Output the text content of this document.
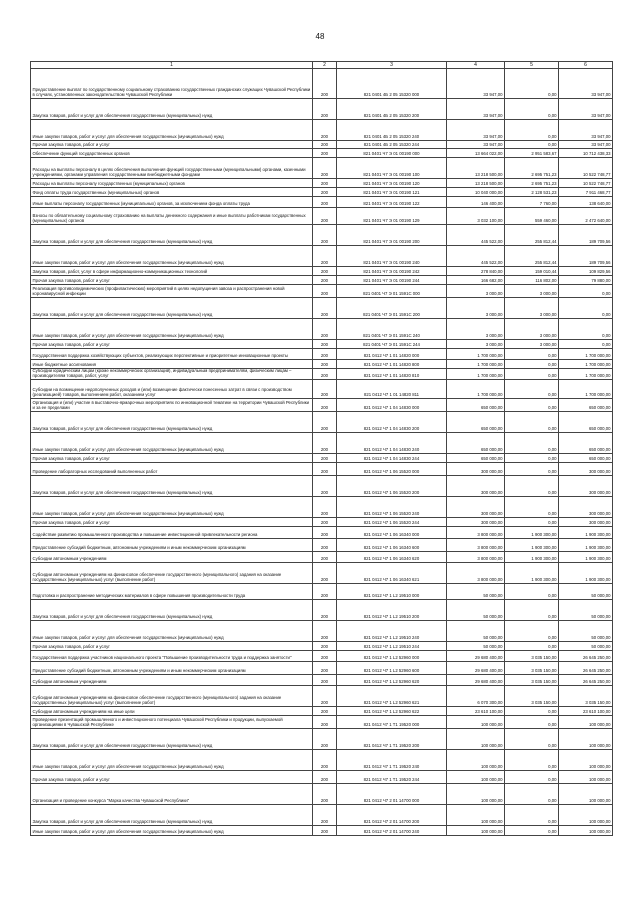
48
1	2	3	4	5	6
Предоставление выплат по государственному социальному страхованию государственных гражданских служащих Чувашской Республики в случаях, установленных законодательством Чувашской Республики	200	821 0401 4Б 2 05 15320 000	33 947,00	0,00	33 947,00
Закупка товаров, работ и услуг для обеспечения государственных (муниципальных) нужд	200	821 0401 4Б 2 05 15320 200	33 947,00	0,00	33 947,00
Иные закупки товаров, работ и услуг для обеспечения государственных (муниципальных) нужд	200	821 0401 4Б 2 05 15320 240	33 947,00	0,00	33 947,00
Прочая закупка товаров, работ и услуг	200	821 0401 4Б 2 05 15320 244	33 947,00	0,00	33 947,00
Обеспечение функций государственных органов	200	821 0401 Ч7 Э 01 00190 000	13 664 022,00	2 951 583,67	10 712 438,33
Расходы на выплаты персоналу в целях обеспечения выполнения функций государственными (муниципальными) органами, казенными учреждениями, органами управления государственными внебюджетными фондами	200	821 0401 Ч7 Э 01 00190 100	13 218 500,00	2 695 751,23	10 522 748,77
Расходы на выплаты персоналу государственных (муниципальных) органов	200	821 0401 Ч7 Э 01 00190 120	13 218 500,00	2 695 751,23	10 522 748,77
Фонд оплаты труда государственных (муниципальных) органов	200	821 0401 Ч7 Э 01 00190 121	10 040 000,00	2 128 531,23	7 911 468,77
Иные выплаты персоналу государственных (муниципальных) органов, за исключением фонда оплаты труда	200	821 0401 Ч7 Э 01 00190 122	146 400,00	7 760,00	138 640,00
Взносы по обязательному социальному страхованию на выплаты денежного содержания и иные выплаты работникам государственных (муниципальных) органов	200	821 0401 Ч7 Э 01 00190 129	3 032 100,00	559 460,00	2 472 640,00
Закупка товаров, работ и услуг для обеспечения государственных (муниципальных) нужд	200	821 0401 Ч7 Э 01 00190 200	445 522,00	255 812,44	189 709,56
Иные закупки товаров, работ и услуг для обеспечения государственных (муниципальных) нужд	200	821 0401 Ч7 Э 01 00190 240	445 522,00	255 812,44	189 709,56
Закупка товаров, работ, услуг в сфере информационно-коммуникационных технологий	200	821 0401 Ч7 Э 01 00190 242	278 840,00	159 010,44	109 829,56
Прочая закупка товаров, работ и услуг	200	821 0401 Ч7 Э 01 00190 244	166 682,00	116 802,00	79 880,00
Реализация противоэпидемических (профилактических) мероприятий в целях недопущения завоза и распространения новой коронавирусной инфекции	200	821 0401 Ч7 Э 01 1591С 000	3 000,00	3 000,00	0,00
Закупка товаров, работ и услуг для обеспечения государственных (муниципальных) нужд	200	821 0401 Ч7 Э 01 1591С 200	3 000,00	3 000,00	0,00
Иные закупки товаров, работ и услуг для обеспечения государственных (муниципальных) нужд	200	821 0401 Ч7 Э 01 1591С 240	3 000,00	3 000,00	0,00
Прочая закупка товаров, работ и услуг	200	821 0401 Ч7 Э 01 1591С 244	3 000,00	3 000,00	0,00
Государственная поддержка хозяйствующих субъектов, реализующих перспективные и приоритетные инновационные проекты	200	821 0412 Ч7 1 01 14820 000	1 700 000,00	0,00	1 700 000,00
Иные бюджетные ассигнования	200	821 0412 Ч7 1 01 14820 800	1 700 000,00	0,00	1 700 000,00
Субсидии юридическим лицам (кроме некоммерческих организаций), индивидуальным предпринимателям, физическим лицам – производителям товаров, работ, услуг	200	821 0412 Ч7 1 01 14820 810	1 700 000,00	0,00	1 700 000,00
Субсидии на возмещение недополученных доходов и (или) возмещение фактически понесенных затрат в связи с производством (реализацией) товаров, выполнением работ, оказанием услуг	200	821 0412 Ч7 1 01 14820 811	1 700 000,00	0,00	1 700 000,00
Организация и (или) участие в выставочно-ярмарочных мероприятиях по инновационной тематике на территории Чувашской Республики и за ее пределами	200	821 0412 Ч7 1 04 14830 000	650 000,00	0,00	650 000,00
Закупка товаров, работ и услуг для обеспечения государственных (муниципальных) нужд	200	821 0412 Ч7 1 04 14830 200	650 000,00	0,00	650 000,00
Иные закупки товаров, работ и услуг для обеспечения государственных (муниципальных) нужд	200	821 0412 Ч7 1 04 14830 240	650 000,00	0,00	650 000,00
Прочая закупка товаров, работ и услуг	200	821 0412 Ч7 1 04 14830 244	650 000,00	0,00	650 000,00
Проведение лабораторных исследований выполненных работ	200	821 0412 Ч7 1 06 15520 000	300 000,00	0,00	300 000,00
Закупка товаров, работ и услуг для обеспечения государственных (муниципальных) нужд	200	821 0412 Ч7 1 06 15520 200	300 000,00	0,00	300 000,00
Иные закупки товаров, работ и услуг для обеспечения государственных (муниципальных) нужд	200	821 0412 Ч7 1 06 15520 240	300 000,00	0,00	300 000,00
Прочая закупка товаров, работ и услуг	200	821 0412 Ч7 1 06 15520 244	300 000,00	0,00	300 000,00
Содействие развитию промышленного производства и повышение инвестиционной привлекательности региона	200	821 0412 Ч7 1 06 16340 000	3 800 000,00	1 900 300,00	1 900 300,00
Предоставление субсидий бюджетным, автономным учреждениям и иным некоммерческим организациям	200	821 0412 Ч7 1 06 16340 600	3 800 000,00	1 900 300,00	1 900 300,00
Субсидии автономным учреждениям	200	821 0412 Ч7 1 06 16340 620	3 800 000,00	1 900 300,00	1 900 300,00
Субсидии автономным учреждениям на финансовое обеспечение государственного (муниципального) задания на оказание государственных (муниципальных) услуг (выполнение работ)	200	821 0412 Ч7 1 06 16340 621	3 800 000,00	1 900 300,00	1 900 300,00
Подготовка и распространение методических материалов в сфере повышения производительности труда	200	821 0412 Ч7 1 L2 19510 000	50 000,00	0,00	50 000,00
Закупка товаров, работ и услуг для обеспечения государственных (муниципальных) нужд	200	821 0412 Ч7 1 L2 19510 200	50 000,00	0,00	50 000,00
Иные закупки товаров, работ и услуг для обеспечения государственных (муниципальных) нужд	200	821 0412 Ч7 1 L2 19510 240	50 000,00	0,00	50 000,00
Прочая закупка товаров, работ и услуг	200	821 0412 Ч7 1 L2 19510 244	50 000,00	0,00	50 000,00
Государственная поддержка участников национального проекта "Повышение производительности труда и поддержка занятости"	200	821 0412 Ч7 1 L2 52960 000	29 680 400,00	3 035 150,00	26 645 250,00
Предоставление субсидий бюджетным, автономным учреждениям и иным некоммерческим организациям	200	821 0412 Ч7 1 L2 52960 600	29 680 400,00	3 035 150,00	26 645 250,00
Субсидии автономным учреждениям	200	821 0412 Ч7 1 L2 52960 620	29 680 400,00	3 035 150,00	26 645 250,00
Субсидии автономным учреждениям на финансовое обеспечение государственного (муниципального) задания на оказание государственных (муниципальных) услуг (выполнение работ)	200	821 0412 Ч7 1 L2 52960 621	6 070 300,00	3 035 150,00	3 035 150,00
Субсидии автономным учреждениям на иные цели	200	821 0412 Ч7 1 L2 52960 622	23 610 100,00	0,00	23 610 100,00
Проведение презентаций промышленного и инвестиционного потенциала Чувашской Республики и продукции, выпускаемой организациями в Чувашской Республике	200	821 0412 Ч7 1 Т1 19520 000	100 000,00	0,00	100 000,00
Закупка товаров, работ и услуг для обеспечения государственных (муниципальных) нужд	200	821 0412 Ч7 1 Т1 19520 200	100 000,00	0,00	100 000,00
Иные закупки товаров, работ и услуг для обеспечения государственных (муниципальных) нужд	200	821 0412 Ч7 1 Т1 19520 240	100 000,00	0,00	100 000,00
Прочая закупка товаров, работ и услуг	200	821 0412 Ч7 1 Т1 19520 244	100 000,00	0,00	100 000,00
Организация и проведение конкурса "Марка качества Чувашской Республики"	200	821 0412 Ч7 2 01 14700 000	100 000,00	0,00	100 000,00
Закупка товаров, работ и услуг для обеспечения государственных (муниципальных) нужд	200	821 0412 Ч7 2 01 14700 200	100 000,00	0,00	100 000,00
Иные закупки товаров, работ и услуг для обеспечения государственных (муниципальных) нужд	200	821 0412 Ч7 2 01 14700 240	100 000,00	0,00	100 000,00
